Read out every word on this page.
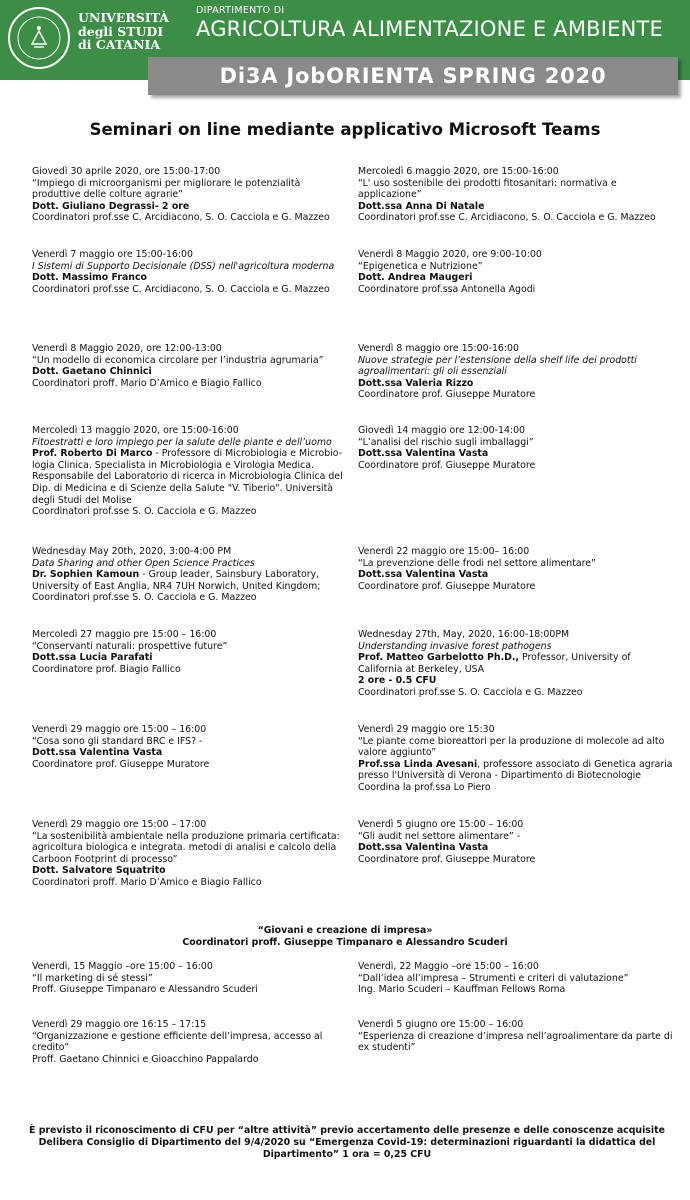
UNIVERSITÀ
degli STUDI
di CATANIA
DIPARTIMENTO DI
AGRICOLTURA ALIMENTAZIONE E AMBIENTE
Di3A JobORIENTA SPRING 2020
Seminari on line mediante applicativo Microsoft Teams
Giovedì 30 aprile 2020, ore 15:00-17:00
“Impiego di microorganismi per migliorare le potenzialità produttive delle colture agrarie”
Dott. Giuliano Degrassi- 2 ore
Coordinatori prof.sse C. Arcidiacono, S. O. Cacciola e G. Mazzeo
Mercoledì 6 maggio 2020, ore 15:00-16:00
“L' uso sostenibile dei prodotti fitosanitari: normativa e applicazione”
Dott.ssa Anna Di Natale
Coordinatori prof.sse C. Arcidiacono, S. O. Cacciola e G. Mazzeo
Venerdì 7 maggio ore 15:00-16:00
I Sistemi di Supporto Decisionale (DSS) nell'agricoltura moderna
Dott. Massimo Franco
Coordinatori prof.sse C. Arcidiacono, S. O. Cacciola e G. Mazzeo
Venerdì 8 Maggio 2020, ore 9:00-10:00
“Epigenetica e Nutrizione”
Dott. Andrea Maugeri
Coordinatore prof.ssa Antonella Agodi
Venerdì 8 Maggio 2020, ore 12:00-13:00
“Un modello di economica circolare per l’industria agrumaria”
Dott. Gaetano Chinnici
Coordinatori proff. Mario D’Amico e Biagio Fallico
Venerdì 8 maggio ore 15:00-16:00
Nuove strategie per l’estensione della shelf life dei prodotti agroalimentari: gli oli essenziali
Dott.ssa Valeria Rizzo
Coordinatore prof. Giuseppe Muratore
Mercoledì 13 maggio 2020, ore 15:00-16:00
Fitoestratti e loro impiego per la salute delle piante e dell’uomo
Prof. Roberto Di Marco - Professore di Microbiologia e Microbio-logia Clinica. Specialista in Microbiologia e Virologia Medica. Responsabile del Laboratorio di ricerca in Microbiologia Clinica del Dip. di Medicina e di Scienze della Salute "V. Tiberio". Università degli Studi del Molise
Coordinatori prof.sse S. O. Cacciola e G. Mazzeo
Giovedì 14 maggio ore 12:00-14:00
“L’analisi del rischio sugli imballaggi”
Dott.ssa Valentina Vasta
Coordinatore prof. Giuseppe Muratore
Wednesday May 20th, 2020, 3:00-4:00 PM
Data Sharing and other Open Science Practices
Dr. Sophien Kamoun - Group leader, Sainsbury Laboratory, University of East Anglia, NR4 7UH Norwich, United Kingdom;
Coordinatori prof.sse S. O. Cacciola e G. Mazzeo
Venerdì 22 maggio ore 15:00– 16:00
“La prevenzione delle frodi nel settore alimentare”
Dott.ssa Valentina Vasta
Coordinatore prof. Giuseppe Muratore
Mercoledì 27 maggio pre 15:00 – 16:00
“Conservanti naturali: prospettive future”
Dott.ssa Lucia Parafati
Coordinatore prof. Biagio Fallico
Wednesday 27th, May, 2020, 16:00-18:00PM
Understanding invasive forest pathogens
Prof. Matteo Garbelotto Ph.D., Professor, University of California at Berkeley, USA
2 ore - 0.5 CFU
Coordinatori prof.sse S. O. Cacciola e G. Mazzeo
Venerdì 29 maggio ore 15:00 – 16:00
“Cosa sono gli standard BRC e IFS? -
Dott.ssa Valentina Vasta
Coordinatore prof. Giuseppe Muratore
Venerdì 29 maggio ore 15:30
“Le piante come bioreattori per la produzione di molecole ad alto valore aggiunto”
Prof.ssa Linda Avesani, professore associato di Genetica agraria presso l'Università di Verona - Dipartimento di Biotecnologie
Coordina la prof.ssa Lo Piero
Venerdì 29 maggio ore 15:00 – 17:00
“La sostenibilità ambientale nella produzione primaria certificata: agricoltura biologica e integrata. metodi di analisi e calcolo della Carboon Footprint di processo”
Dott. Salvatore Squatrito
Coordinatori proff. Mario D’Amico e Biagio Fallico
Venerdì 5 giugno ore 15:00 – 16:00
“Gli audit nel settore alimentare” -
Dott.ssa Valentina Vasta
Coordinatore prof. Giuseppe Muratore
“Giovani e creazione di impresa»
Coordinatori proff. Giuseppe Timpanaro e Alessandro Scuderi
Venerdì, 15 Maggio –ore 15:00 – 16:00
“Il marketing di sé stessi”
Proff. Giuseppe Timpanaro e Alessandro Scuderi
Venerdì, 22 Maggio –ore 15:00 – 16:00
“Dall’idea all’impresa – Strumenti e criteri di valutazione”
Ing. Mario Scuderi – Kauffman Fellows Roma
Venerdì 29 maggio ore 16:15 – 17:15
“Organizzazione e gestione efficiente dell’impresa, accesso al credito”
Proff. Gaetano Chinnici e Gioacchino Pappalardo
Venerdì 5 giugno ore 15:00 – 16:00
“Esperienza di creazione d’impresa nell’agroalimentare da parte di ex studenti”
È previsto il riconoscimento di CFU per “altre attività” previo accertamento delle presenze e delle conoscenze acquisite
Delibera Consiglio di Dipartimento del 9/4/2020 su “Emergenza Covid-19: determinazioni riguardanti la didattica del Dipartimento” 1 ora = 0,25 CFU
